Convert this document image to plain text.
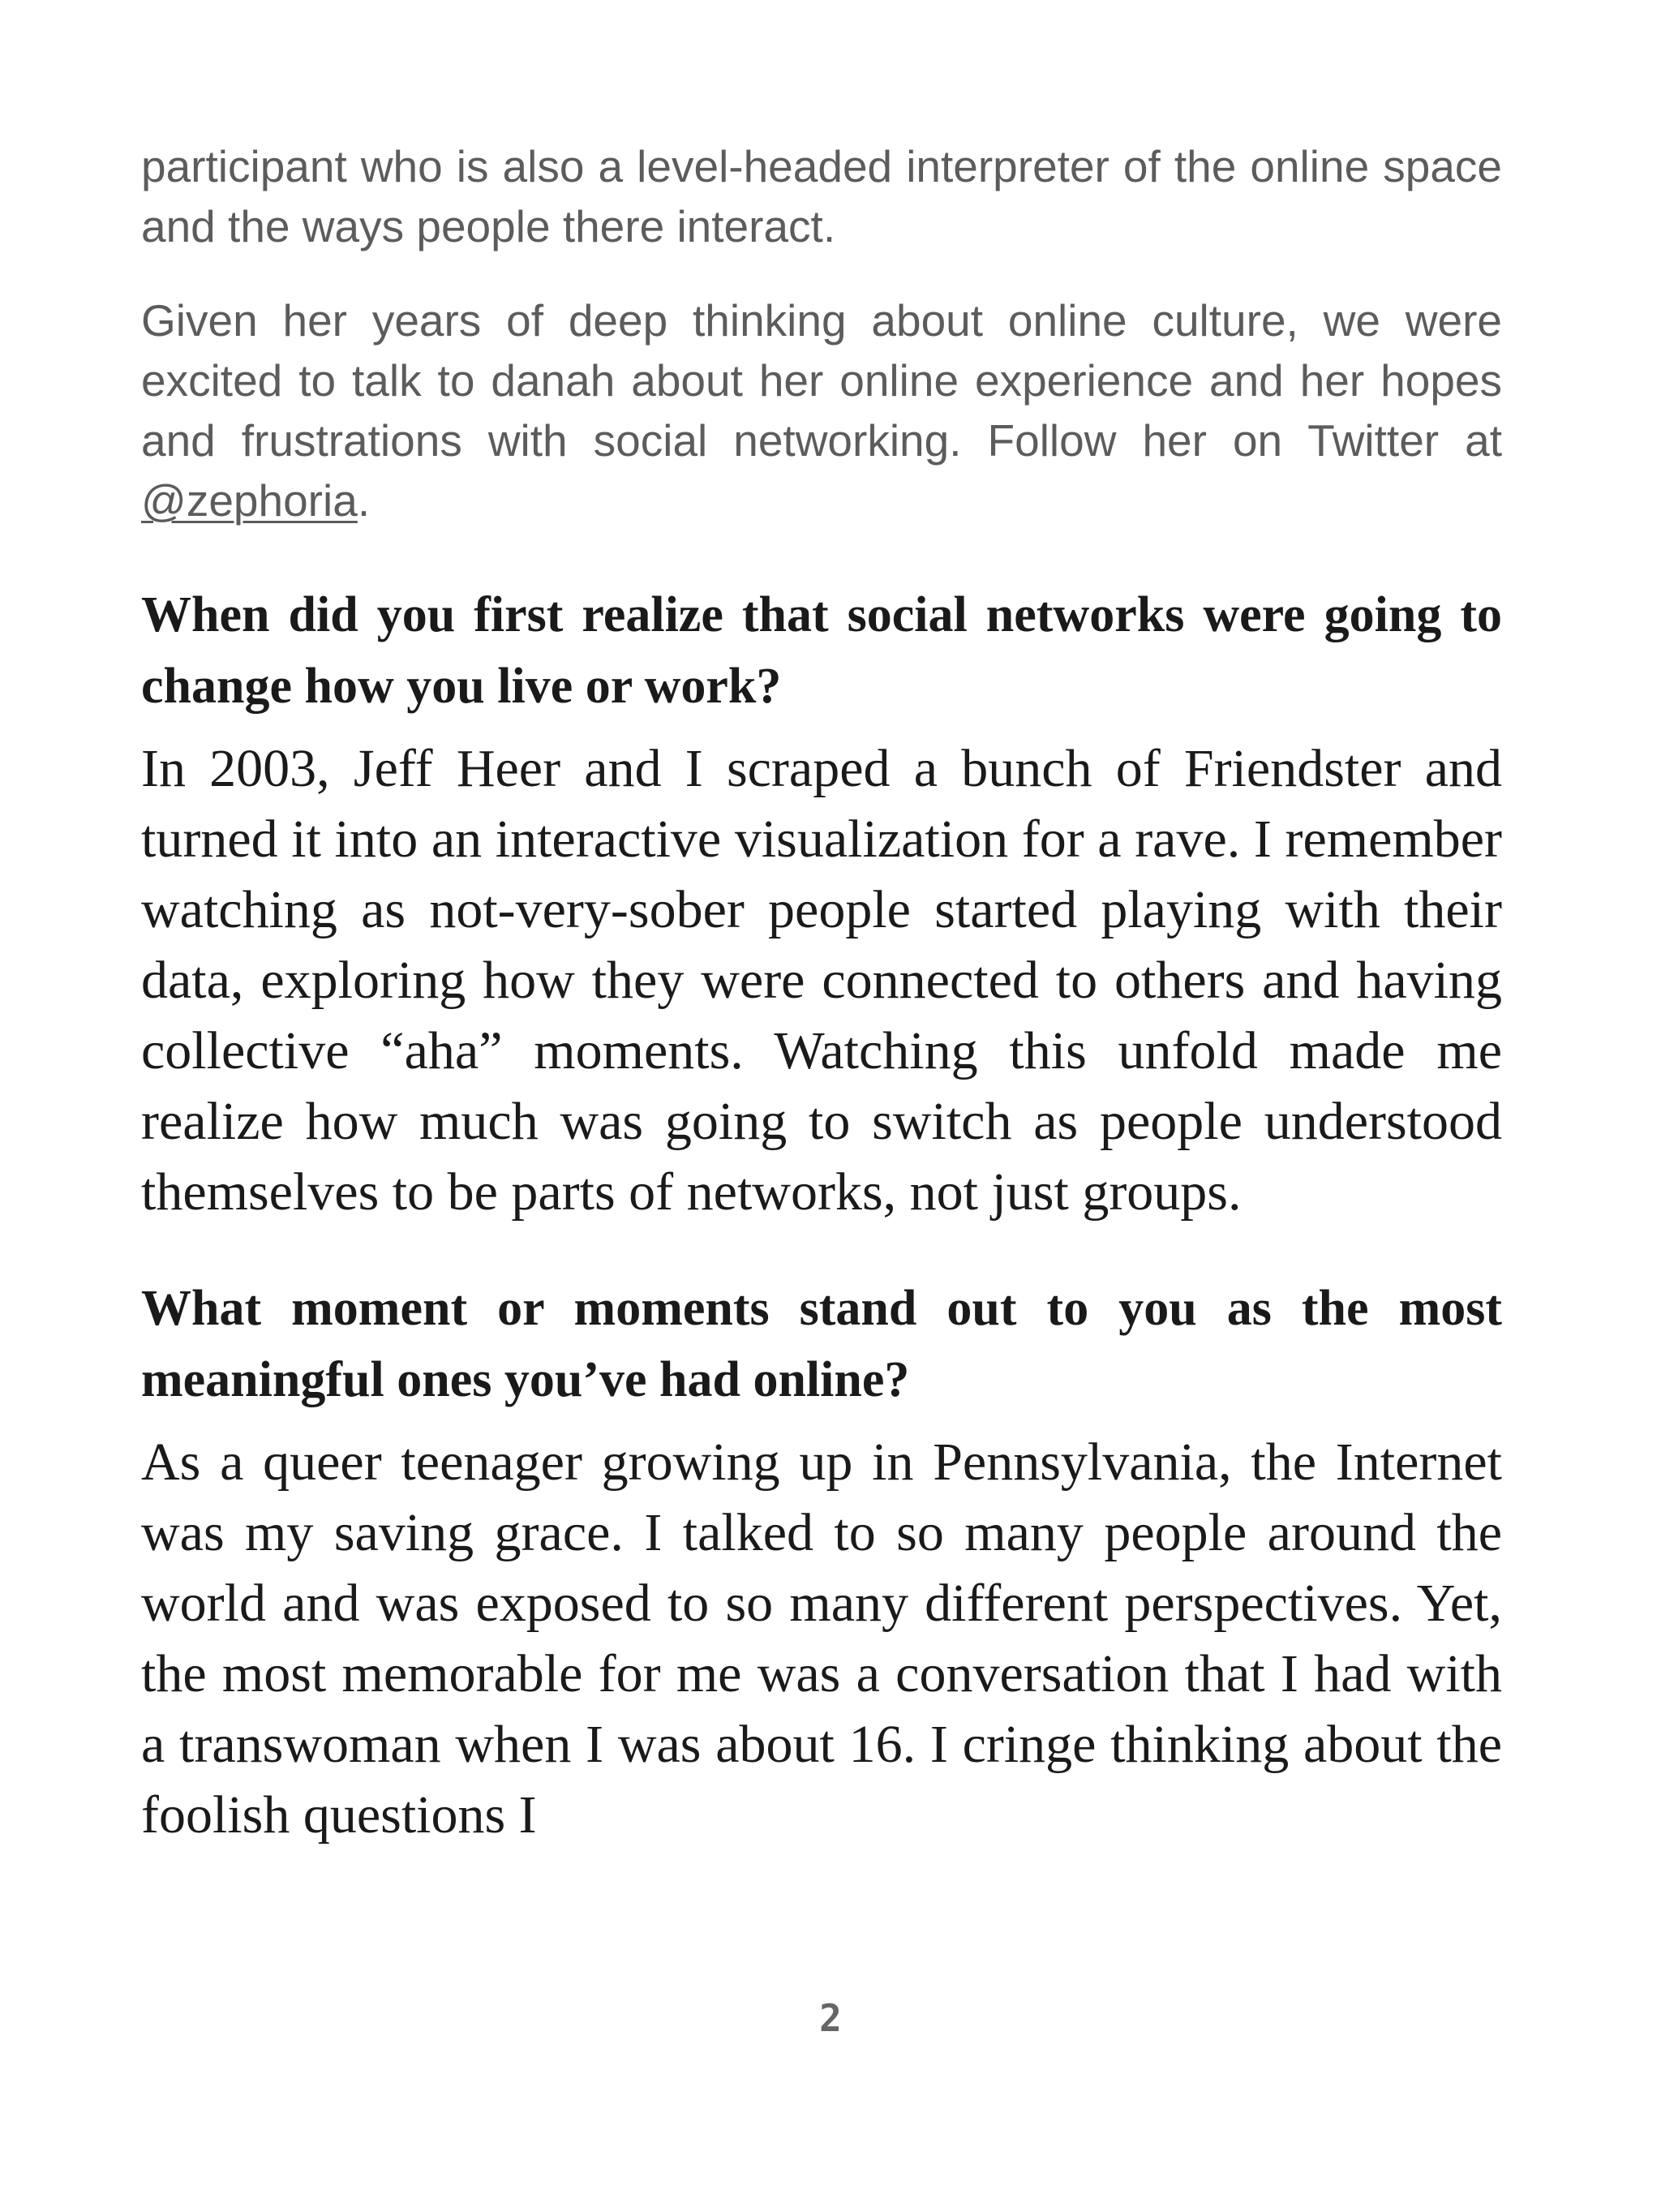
participant who is also a level-headed interpreter of the online space and the ways people there interact.

Given her years of deep thinking about online culture, we were excited to talk to danah about her online experience and her hopes and frustrations with social networking. Follow her on Twitter at @zephoria.

When did you first realize that social networks were going to change how you live or work?

In 2003, Jeff Heer and I scraped a bunch of Friendster and turned it into an interactive visualization for a rave. I remember watching as not-very-sober people started playing with their data, exploring how they were connected to others and having collective “aha” moments. Watching this unfold made me realize how much was going to switch as people understood themselves to be parts of networks, not just groups.

What moment or moments stand out to you as the most meaningful ones you’ve had online?

As a queer teenager growing up in Pennsylvania, the Internet was my saving grace. I talked to so many people around the world and was exposed to so many different perspectives. Yet, the most memorable for me was a conversation that I had with a transwoman when I was about 16. I cringe thinking about the foolish questions I

2
